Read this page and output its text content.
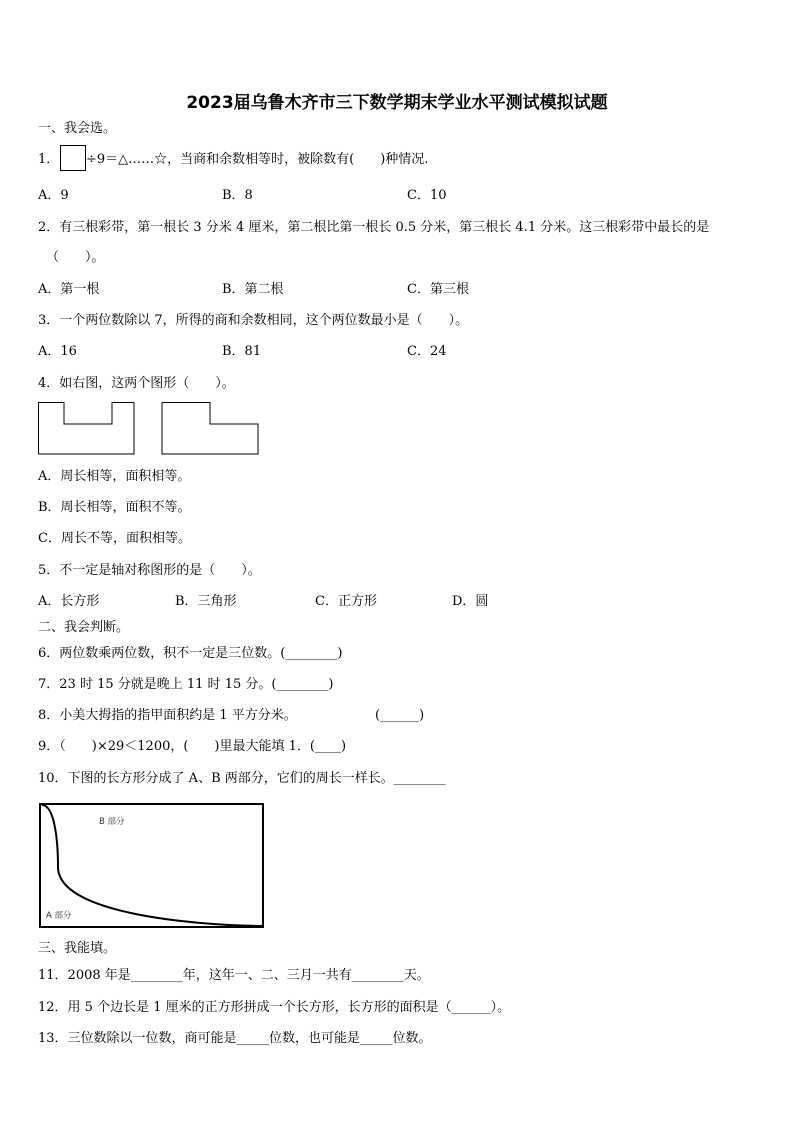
2023届乌鲁木齐市三下数学期末学业水平测试模拟试题
一、我会选。
1． ÷9＝△……☆，当商和余数相等时，被除数有(　　)种情况.
A．9	B．8	C．10
2．有三根彩带，第一根长 3 分米 4 厘米，第二根比第一根长 0.5 分米，第三根长 4.1 分米。这三根彩带中最长的是
（　　）。
A．第一根	B．第二根	C．第三根
3．一个两位数除以 7，所得的商和余数相同，这个两位数最小是（　　）。
A．16	B．81	C．24
4．如右图，这两个图形（　　）。
A．周长相等，面积相等。
B．周长相等，面积不等。
C．周长不等，面积相等。
5．不一定是轴对称图形的是（　　）。
A．长方形	B．三角形	C．正方形	D．圆
二、我会判断。
6．两位数乘两位数，积不一定是三位数。(________)
7．23 时 15 分就是晚上 11 时 15 分。(________)
8．小美大拇指的指甲面积约是 1 平方分米。	(______)
9．（　　)×29＜1200，(　　)里最大能填 1．(____)
10．下图的长方形分成了 A、B 两部分，它们的周长一样长。________
B 部分
A 部分
三、我能填。
11．2008 年是________年，这年一、二、三月一共有________天。
12．用 5 个边长是 1 厘米的正方形拼成一个长方形，长方形的面积是（______）。
13．三位数除以一位数，商可能是_____位数，也可能是_____位数。
